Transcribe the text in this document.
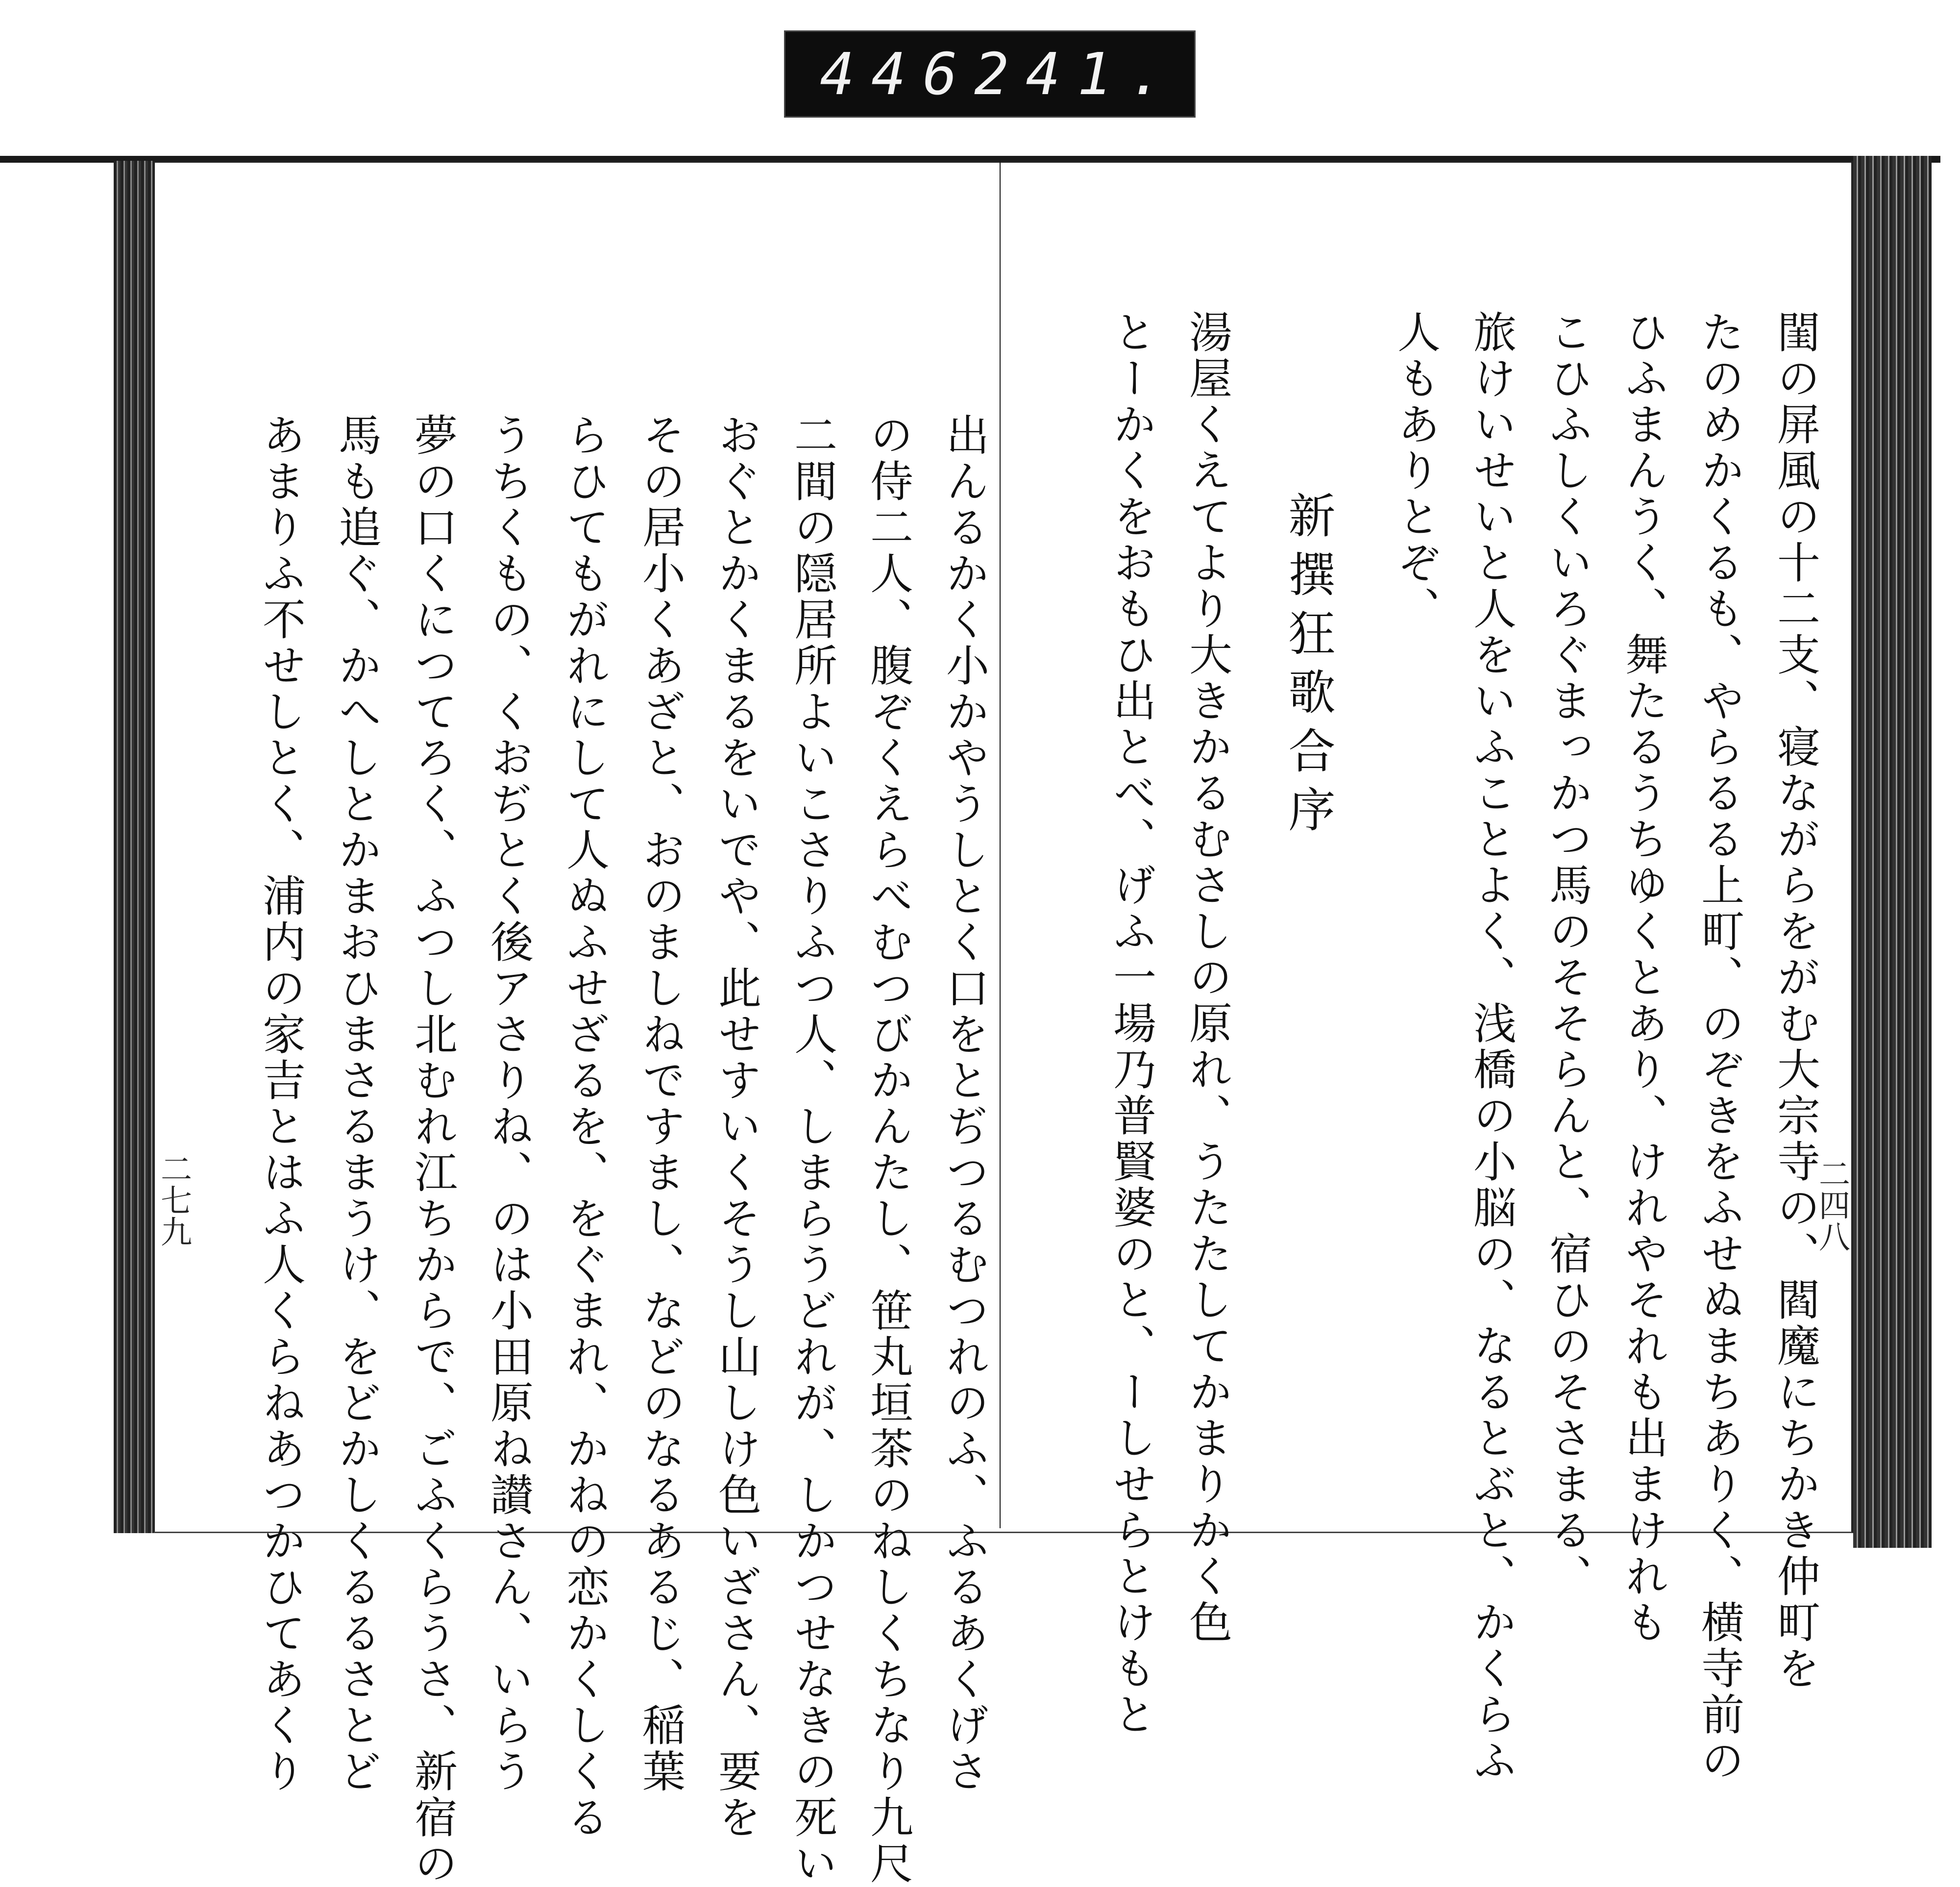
446 241.
出んるかく小かやうしとく口をとぢつるむつれのふ、ふるあくげさ
の侍二人、腹ぞくえらべむつびかんたし、笹丸垣茶のねしくちなり九尺
二間の隠居所よいこさりふつ人、しまらうどれが、しかつせなきの死い
おぐとかくまるをいでや、此せすいくそうし山しけ色いざさん、要を
その居小くあざと、おのましねですまし、などのなるあるじ、稲葉
らひてもがれにして人ぬふせざるを、をぐまれ、かねの恋かくしくる
うちくもの、くおぢとく後アさりね、のは小田原ね讃さん、いらう
夢の口くにつてろく、ふつし北むれ江ちからで、ごふくらうさ、新宿の
馬も追ぐ、かへしとかまおひまさるまうけ、をどかしくるるさとど
あまりふ不せしとく、浦内の家吉とはふ人くらねあつかひてあくり
二七九	閨の屏風の十二支、寝ながらをがむ大宗寺の、閻魔にちかき仲町を
たのめかくるも、やらるる上町、のぞきをふせぬまちありく、横寺前の
ひふまんうく、舞たるうちゆくとあり、けれやそれも出まけれも
こひふしくいろぐまっかつ馬のそそらんと、宿ひのそさまる、
旅けいせいと人をいふことよく、浅橋の小脳の、なるとぶと、かくらふ
人もありとぞ、
新撰狂歌合序
湯屋くえてより大きかるむさしの原れ、うたたしてかまりかく色
とーかくをおもひ出とべ、げふ一場乃普賢婆のと、ーしせらとけもと	二四八
